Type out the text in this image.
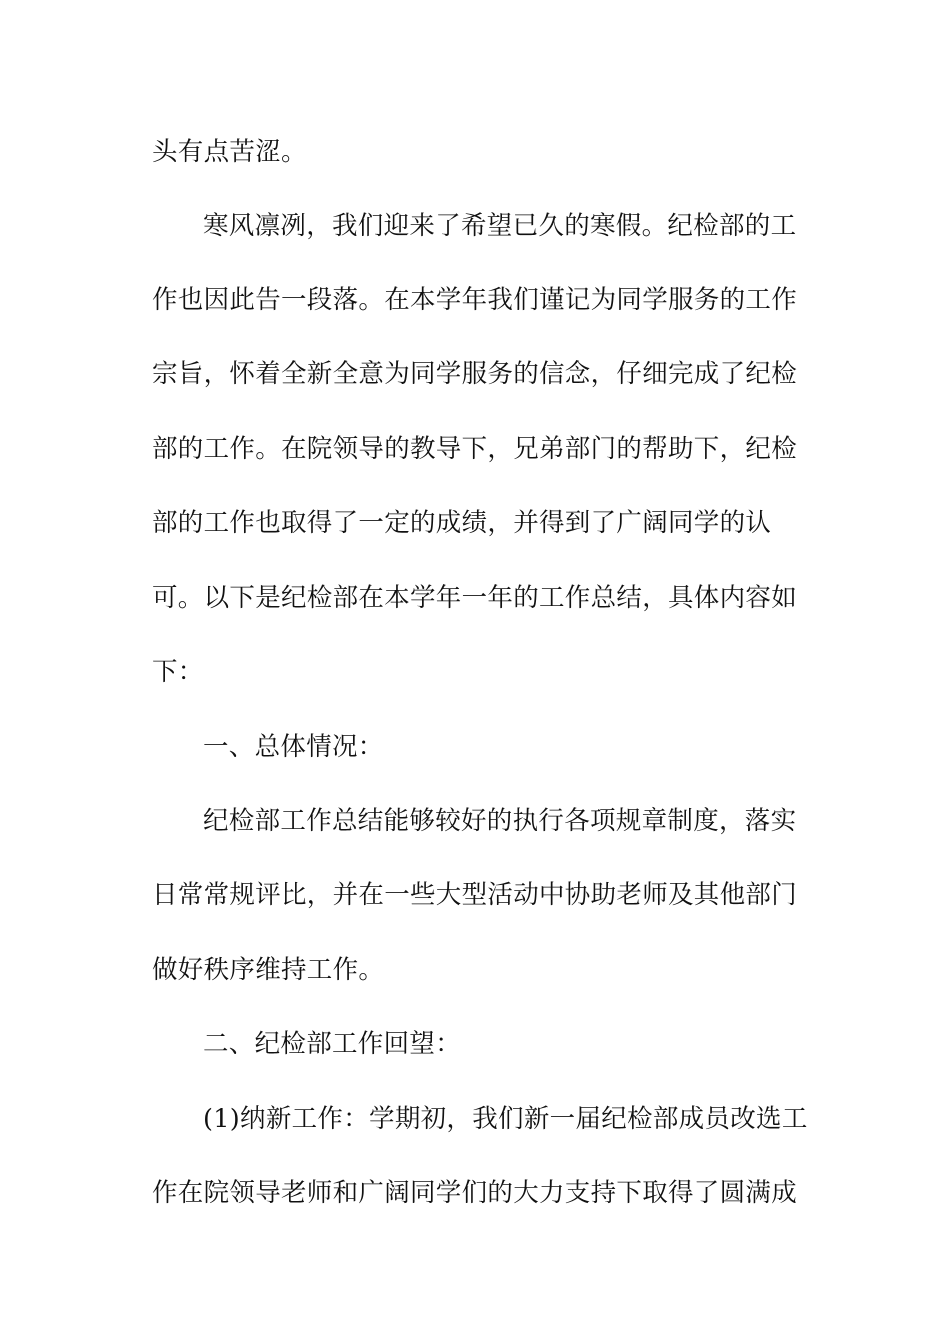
头有点苦涩。
寒风凛冽，我们迎来了希望已久的寒假。纪检部的工
作也因此告一段落。在本学年我们谨记为同学服务的工作
宗旨，怀着全新全意为同学服务的信念，仔细完成了纪检
部的工作。在院领导的教导下，兄弟部门的帮助下，纪检
部的工作也取得了一定的成绩，并得到了广阔同学的认
可。以下是纪检部在本学年一年的工作总结，具体内容如
下：
一、总体情况：
纪检部工作总结能够较好的执行各项规章制度，落实
日常常规评比，并在一些大型活动中协助老师及其他部门
做好秩序维持工作。
二、纪检部工作回望：
(1)纳新工作：学期初，我们新一届纪检部成员改选工
作在院领导老师和广阔同学们的大力支持下取得了圆满成
